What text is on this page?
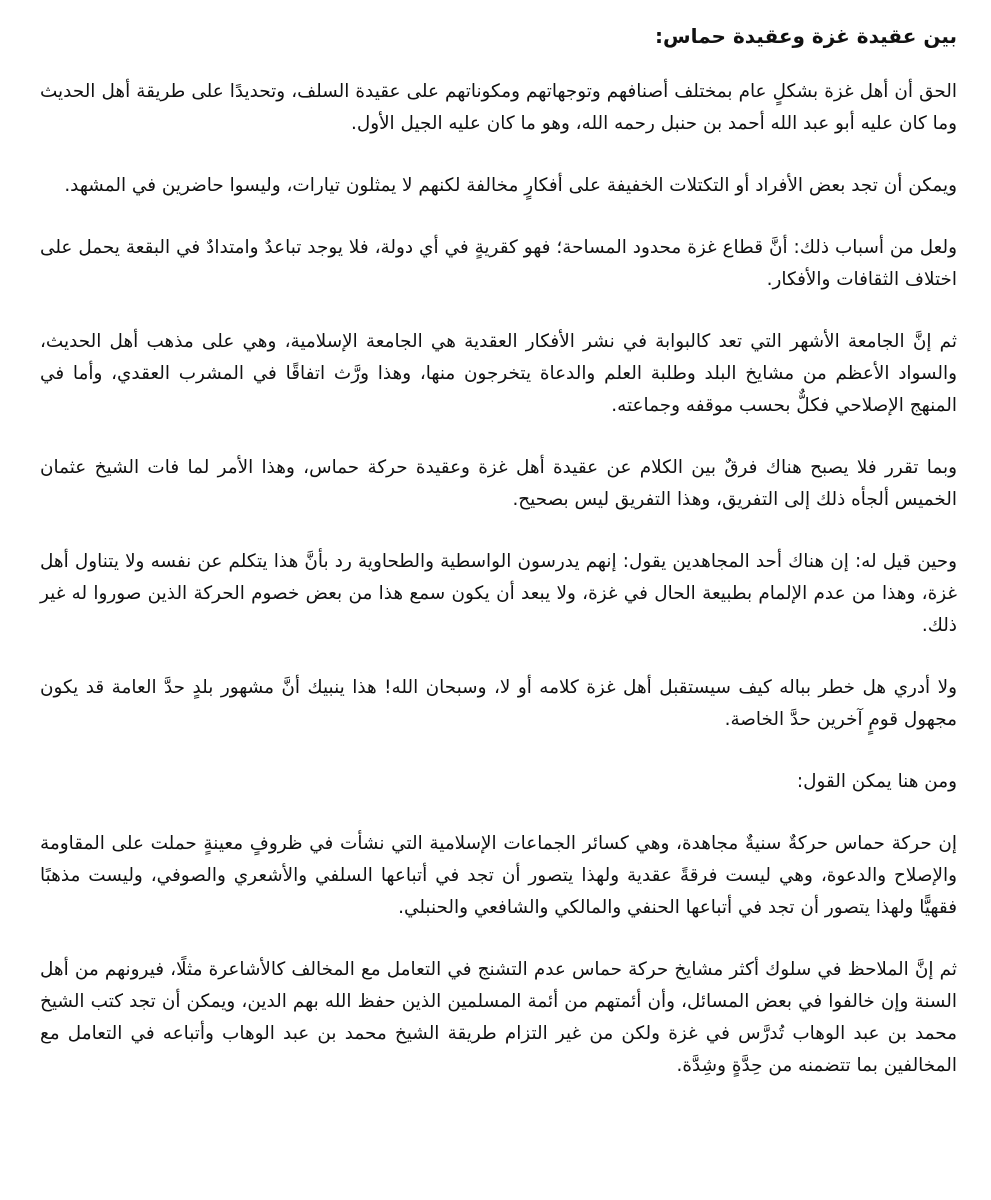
بين عقيدة غزة وعقيدة حماس:

الحق أن أهل غزة بشكلٍ عام بمختلف أصنافهم وتوجهاتهم ومكوناتهم على عقيدة السلف، وتحديدًا على طريقة أهل الحديث وما كان عليه أبو عبد الله أحمد بن حنبل رحمه الله، وهو ما كان عليه الجيل الأول.

ويمكن أن تجد بعض الأفراد أو التكتلات الخفيفة على أفكارٍ مخالفة لكنهم لا يمثلون تيارات، وليسوا حاضرين في المشهد.

ولعل من أسباب ذلك: أنَّ قطاع غزة محدود المساحة؛ فهو كقريةٍ في أي دولة، فلا يوجد تباعدٌ وامتدادٌ في البقعة يحمل على اختلاف الثقافات والأفكار.

ثم إنَّ الجامعة الأشهر التي تعد كالبوابة في نشر الأفكار العقدية هي الجامعة الإسلامية، وهي على مذهب أهل الحديث، والسواد الأعظم من مشايخ البلد وطلبة العلم والدعاة يتخرجون منها، وهذا ورَّث اتفاقًا في المشرب العقدي، وأما في المنهج الإصلاحي فكلٌّ بحسب موقفه وجماعته.

وبما تقرر فلا يصبح هناك فرقٌ بين الكلام عن عقيدة أهل غزة وعقيدة حركة حماس، وهذا الأمر لما فات الشيخ عثمان الخميس ألجأه ذلك إلى التفريق، وهذا التفريق ليس بصحيح.

وحين قيل له: إن هناك أحد المجاهدين يقول: إنهم يدرسون الواسطية والطحاوية رد بأنَّ هذا يتكلم عن نفسه ولا يتناول أهل غزة، وهذا من عدم الإلمام بطبيعة الحال في غزة، ولا يبعد أن يكون سمع هذا من بعض خصوم الحركة الذين صوروا له غير ذلك.

ولا أدري هل خطر بباله كيف سيستقبل أهل غزة كلامه أو لا، وسبحان الله! هذا ينبيك أنَّ مشهور بلدٍ حدَّ العامة قد يكون مجهول قومٍ آخرين حدَّ الخاصة.

ومن هنا يمكن القول:

إن حركة حماس حركةٌ سنيةٌ مجاهدة، وهي كسائر الجماعات الإسلامية التي نشأت في ظروفٍ معينةٍ حملت على المقاومة والإصلاح والدعوة، وهي ليست فرقةً عقدية ولهذا يتصور أن تجد في أتباعها السلفي والأشعري والصوفي، وليست مذهبًا فقهيًّا ولهذا يتصور أن تجد في أتباعها الحنفي والمالكي والشافعي والحنبلي.

ثم إنَّ الملاحظ في سلوك أكثر مشايخ حركة حماس عدم التشنج في التعامل مع المخالف كالأشاعرة مثلًا، فيرونهم من أهل السنة وإن خالفوا في بعض المسائل، وأن أئمتهم من أئمة المسلمين الذين حفظ الله بهم الدين، ويمكن أن تجد كتب الشيخ محمد بن عبد الوهاب تُدرَّس في غزة ولكن من غير التزام طريقة الشيخ محمد بن عبد الوهاب وأتباعه في التعامل مع المخالفين بما تتضمنه من حِدَّةٍ وشِدَّة.
